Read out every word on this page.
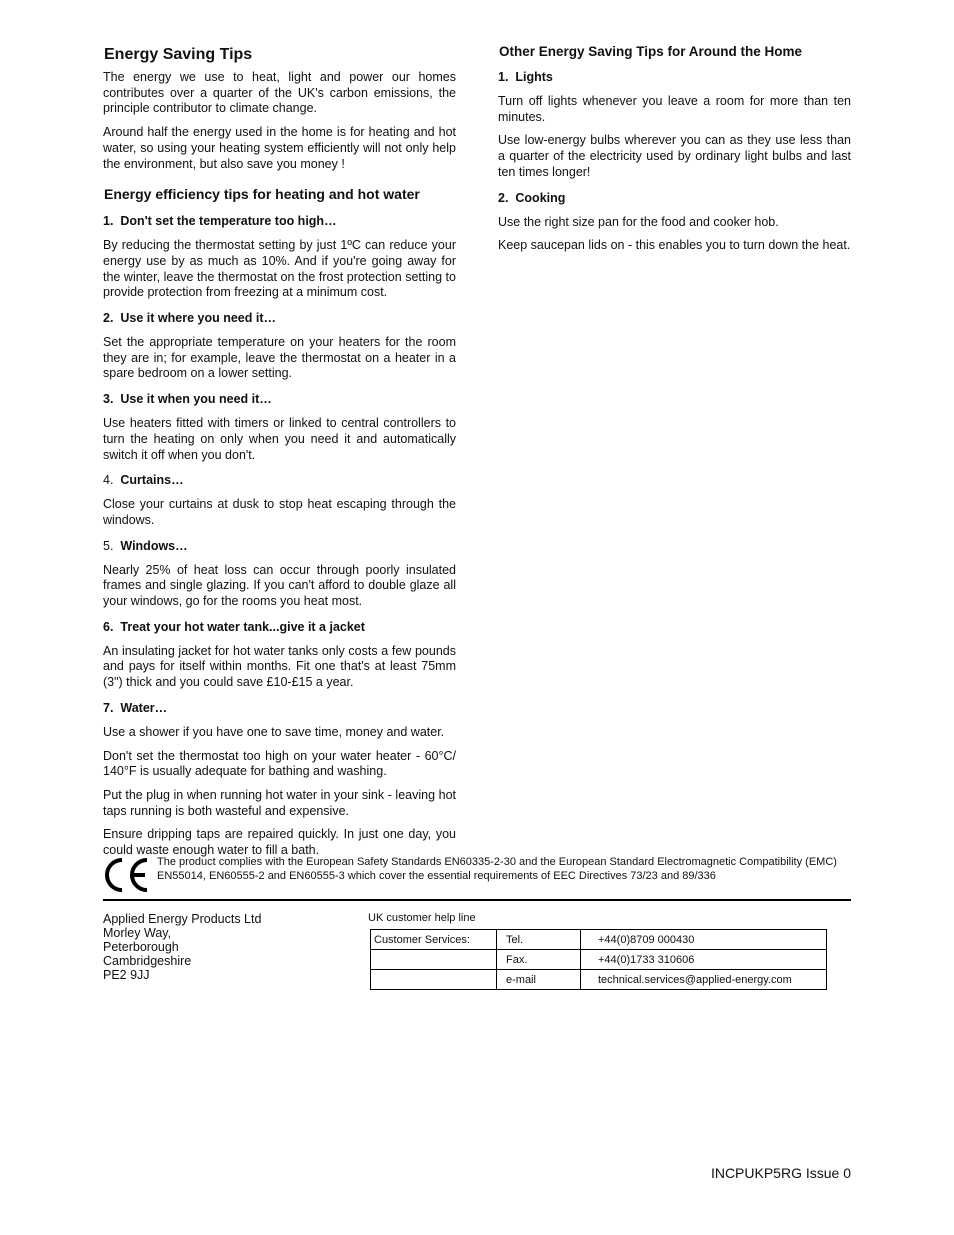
Energy Saving Tips

The energy we use to heat, light and power our homes contributes over a quarter of the UK's carbon emissions, the principle contributor to climate change.

Around half the energy used in the home is for heating and hot water, so using your heating system efficiently will not only help the environment, but also save you money !

Energy efficiency tips for heating and hot water
1. Don't set the temperature too high…

By reducing the thermostat setting by just 1ºC can reduce your energy use by as much as 10%. And if you're going away for the winter, leave the thermostat on the frost protection setting to provide protection from freezing at a minimum cost.

2. Use it where you need it…

Set the appropriate temperature on your heaters for the room they are in; for example, leave the thermostat on a heater in a spare bedroom on a lower setting.

3. Use it when you need it…

Use heaters fitted with timers or linked to central controllers to turn the heating on only when you need it and automatically switch it off when you don't.

4. Curtains…

Close your curtains at dusk to stop heat escaping through the windows.

5. Windows…

Nearly 25% of heat loss can occur through poorly insulated frames and single glazing. If you can't afford to double glaze all your windows, go for the rooms you heat most.

6. Treat your hot water tank...give it a jacket

An insulating jacket for hot water tanks only costs a few pounds and pays for itself within months. Fit one that's at least 75mm (3") thick and you could save £10-£15 a year.

7. Water…

Use a shower if you have one to save time, money and water.

Don't set the thermostat too high on your water heater - 60°C/ 140°F is usually adequate for bathing and washing.

Put the plug in when running hot water in your sink - leaving hot taps running is both wasteful and expensive.

Ensure dripping taps are repaired quickly. In just one day, you could waste enough water to fill a bath.

Other Energy Saving Tips for Around the Home
1. Lights

Turn off lights whenever you leave a room for more than ten minutes.

Use low-energy bulbs wherever you can as they use less than a quarter of the electricity used by ordinary light bulbs and last ten times longer!

2. Cooking

Use the right size pan for the food and cooker hob.

Keep saucepan lids on - this enables you to turn down the heat.

The product complies with the European Safety Standards EN60335-2-30 and the European Standard Electromagnetic Compatibility (EMC) EN55014, EN60555-2 and EN60555-3 which cover the essential requirements of EEC Directives 73/23 and 89/336
Applied Energy Products Ltd
Morley Way,
Peterborough
Cambridgeshire
PE2 9JJ
UK customer help line
Customer Services:	Tel.	+44(0)8709 000430
	Fax.	+44(0)1733 310606
	e-mail	technical.services@applied-energy.com
INCPUKP5RG Issue 0
